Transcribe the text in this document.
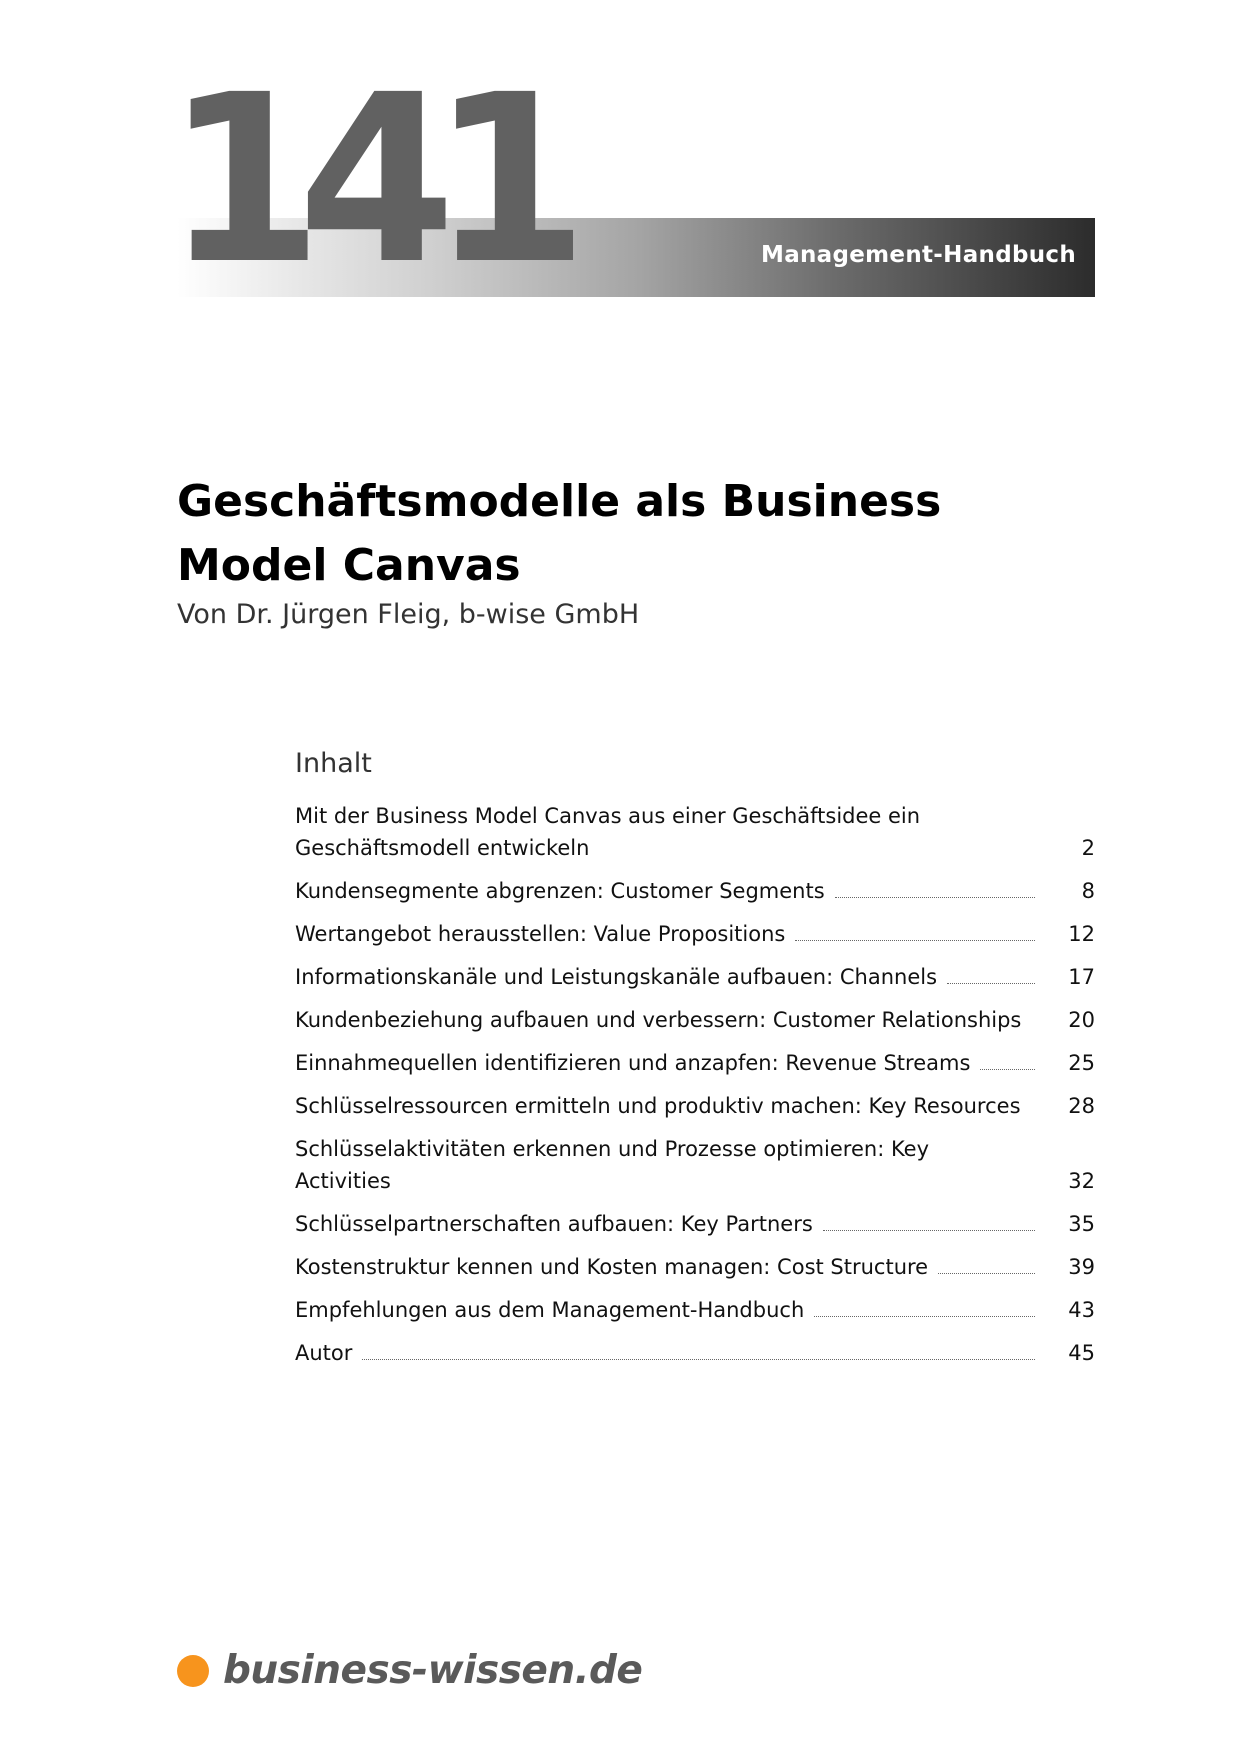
Management-Handbuch
141
Geschäftsmodelle als Business Model Canvas
Von Dr. Jürgen Fleig, b-wise GmbH
Inhalt
Mit der Business Model Canvas aus einer Geschäftsidee ein Geschäftsmodell entwickeln	2
Kundensegmente abgrenzen: Customer Segments	8
Wertangebot herausstellen: Value Propositions	12
Informationskanäle und Leistungskanäle aufbauen: Channels	17
Kundenbeziehung aufbauen und verbessern: Customer Relationships	20
Einnahmequellen identifizieren und anzapfen: Revenue Streams	25
Schlüsselressourcen ermitteln und produktiv machen: Key Resources	28
Schlüsselaktivitäten erkennen und Prozesse optimieren: Key Activities	32
Schlüsselpartnerschaften aufbauen: Key Partners	35
Kostenstruktur kennen und Kosten managen: Cost Structure	39
Empfehlungen aus dem Management-Handbuch	43
Autor	45
business-wissen.de
